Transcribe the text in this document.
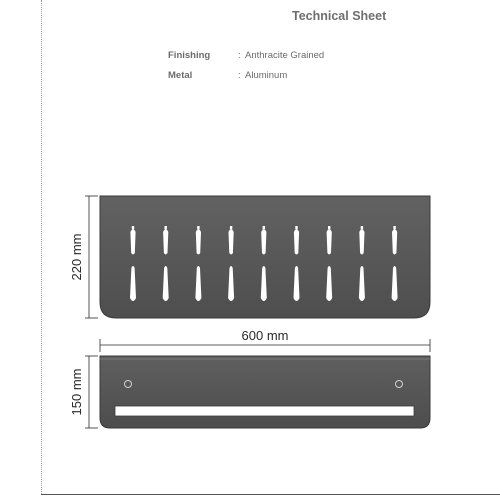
Technical Sheet
Finishing	: Anthracite Grained
Metal	: Aluminum
220 mm
600 mm
150 mm
